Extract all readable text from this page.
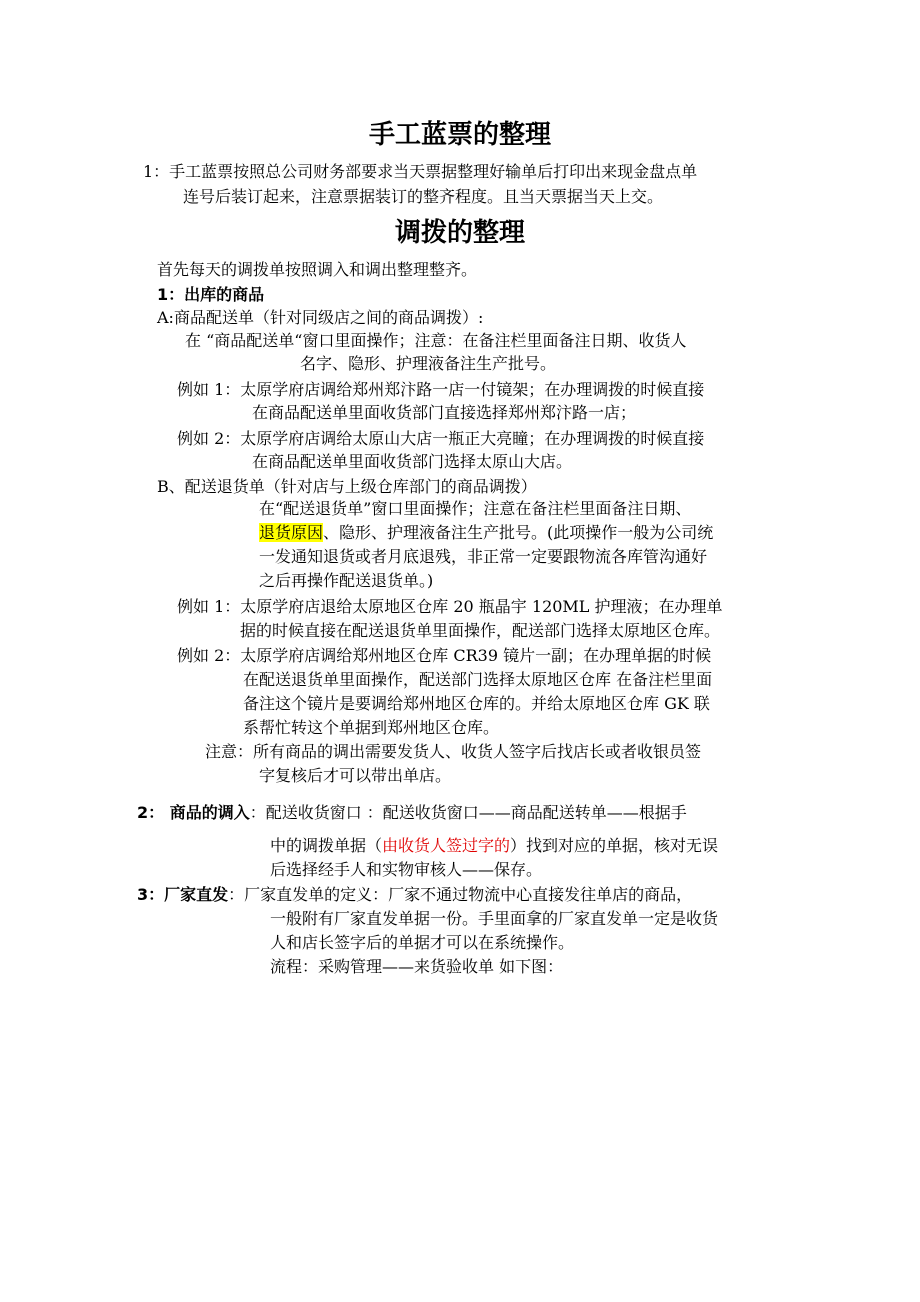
手工蓝票的整理
1：手工蓝票按照总公司财务部要求当天票据整理好输单后打印出来现金盘点单
连号后装订起来，注意票据装订的整齐程度。且当天票据当天上交。
调拨的整理
首先每天的调拨单按照调入和调出整理整齐。
1：出库的商品
A:商品配送单（针对同级店之间的商品调拨）:
在 “商品配送单“窗口里面操作；注意：在备注栏里面备注日期、收货人
名字、隐形、护理液备注生产批号。
例如 1：太原学府店调给郑州郑汴路一店一付镜架；在办理调拨的时候直接
在商品配送单里面收货部门直接选择郑州郑汴路一店；
例如 2：太原学府店调给太原山大店一瓶正大亮瞳；在办理调拨的时候直接
在商品配送单里面收货部门选择太原山大店。
B、配送退货单（针对店与上级仓库部门的商品调拨）
在“配送退货单”窗口里面操作；注意在备注栏里面备注日期、
退货原因、隐形、护理液备注生产批号。(此项操作一般为公司统
一发通知退货或者月底退残，非正常一定要跟物流各库管沟通好
之后再操作配送退货单。)
例如 1：太原学府店退给太原地区仓库 20 瓶晶宇 120ML 护理液；在办理单
据的时候直接在配送退货单里面操作，配送部门选择太原地区仓库。
例如 2：太原学府店调给郑州地区仓库 CR39 镜片一副；在办理单据的时候
在配送退货单里面操作，配送部门选择太原地区仓库 在备注栏里面
备注这个镜片是要调给郑州地区仓库的。并给太原地区仓库 GK 联
系帮忙转这个单据到郑州地区仓库。
注意：所有商品的调出需要发货人、收货人签字后找店长或者收银员签
字复核后才可以带出单店。
2： 商品的调入：配送收货窗口 ：配送收货窗口——商品配送转单——根据手
中的调拨单据（由收货人签过字的）找到对应的单据，核对无误
后选择经手人和实物审核人——保存。
3：厂家直发：厂家直发单的定义：厂家不通过物流中心直接发往单店的商品，
一般附有厂家直发单据一份。手里面拿的厂家直发单一定是收货
人和店长签字后的单据才可以在系统操作。
流程：采购管理——来货验收单 如下图：
